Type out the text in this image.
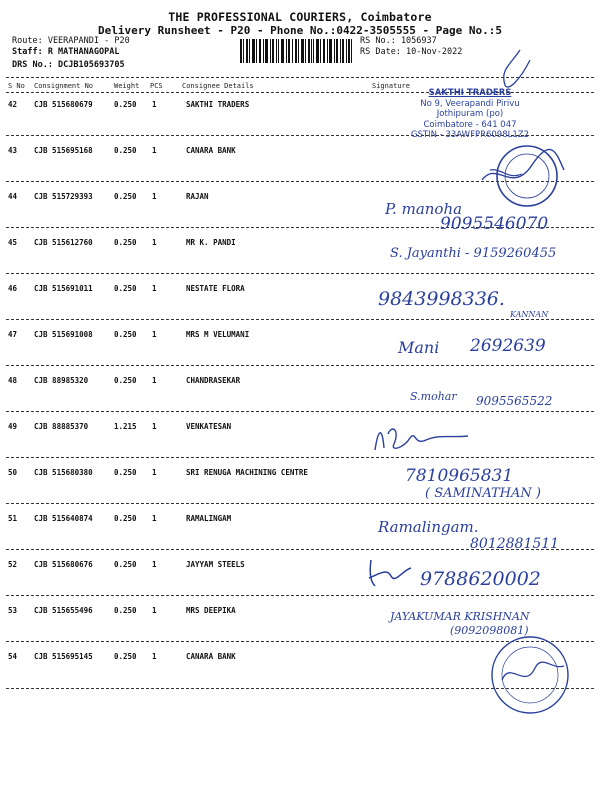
THE PROFESSIONAL COURIERS, Coimbatore
Delivery Runsheet - P20 - Phone No.:0422-3505555 - Page No.:5
Route: VEERAPANDI - P20
Staff: R MATHANAGOPAL
DRS No.: DCJB105693705
RS No.: 1056937
RS Date: 10-Nov-2022
S No Consignment No	Weight PCS	Consignee Details	Signature
42 CJB 515680679	0.250 1	SAKTHI TRADERS
43 CJB 515695168	0.250 1	CANARA BANK
44 CJB 515729393	0.250 1	RAJAN
45 CJB 515612760	0.250 1	MR K. PANDI
46 CJB 515691011	0.250 1	NESTATE FLORA
47 CJB 515691008	0.250 1	MRS M VELUMANI
48 CJB 88985320	0.250 1	CHANDRASEKAR
49 CJB 88885370	1.215 1	VENKATESAN
50 CJB 515680380	0.250 1	SRI RENUGA MACHINING CENTRE
51 CJB 515640874	0.250 1	RAMALINGAM
52 CJB 515680676	0.250 1	JAYYAM STEELS
53 CJB 515655496	0.250 1	MRS DEEPIKA
54 CJB 515695145	0.250 1	CANARA BANK
SAKTHI TRADERS
No 9, Veerapandi Pirivu
Jothipuram (po)
Coimbatore - 641 047
GSTIN - 33AWFPR6098L1Z2
P. manoha
9095546070
S. Jayanthi - 9159260455
9843998336.
KANNAN
Mani 2692639
S.mohar 9095565522
7810965831
( SAMINATHAN )
Ramalingam.
8012881511
9788620002
JAYAKUMAR KRISHNAN
(9092098081)
